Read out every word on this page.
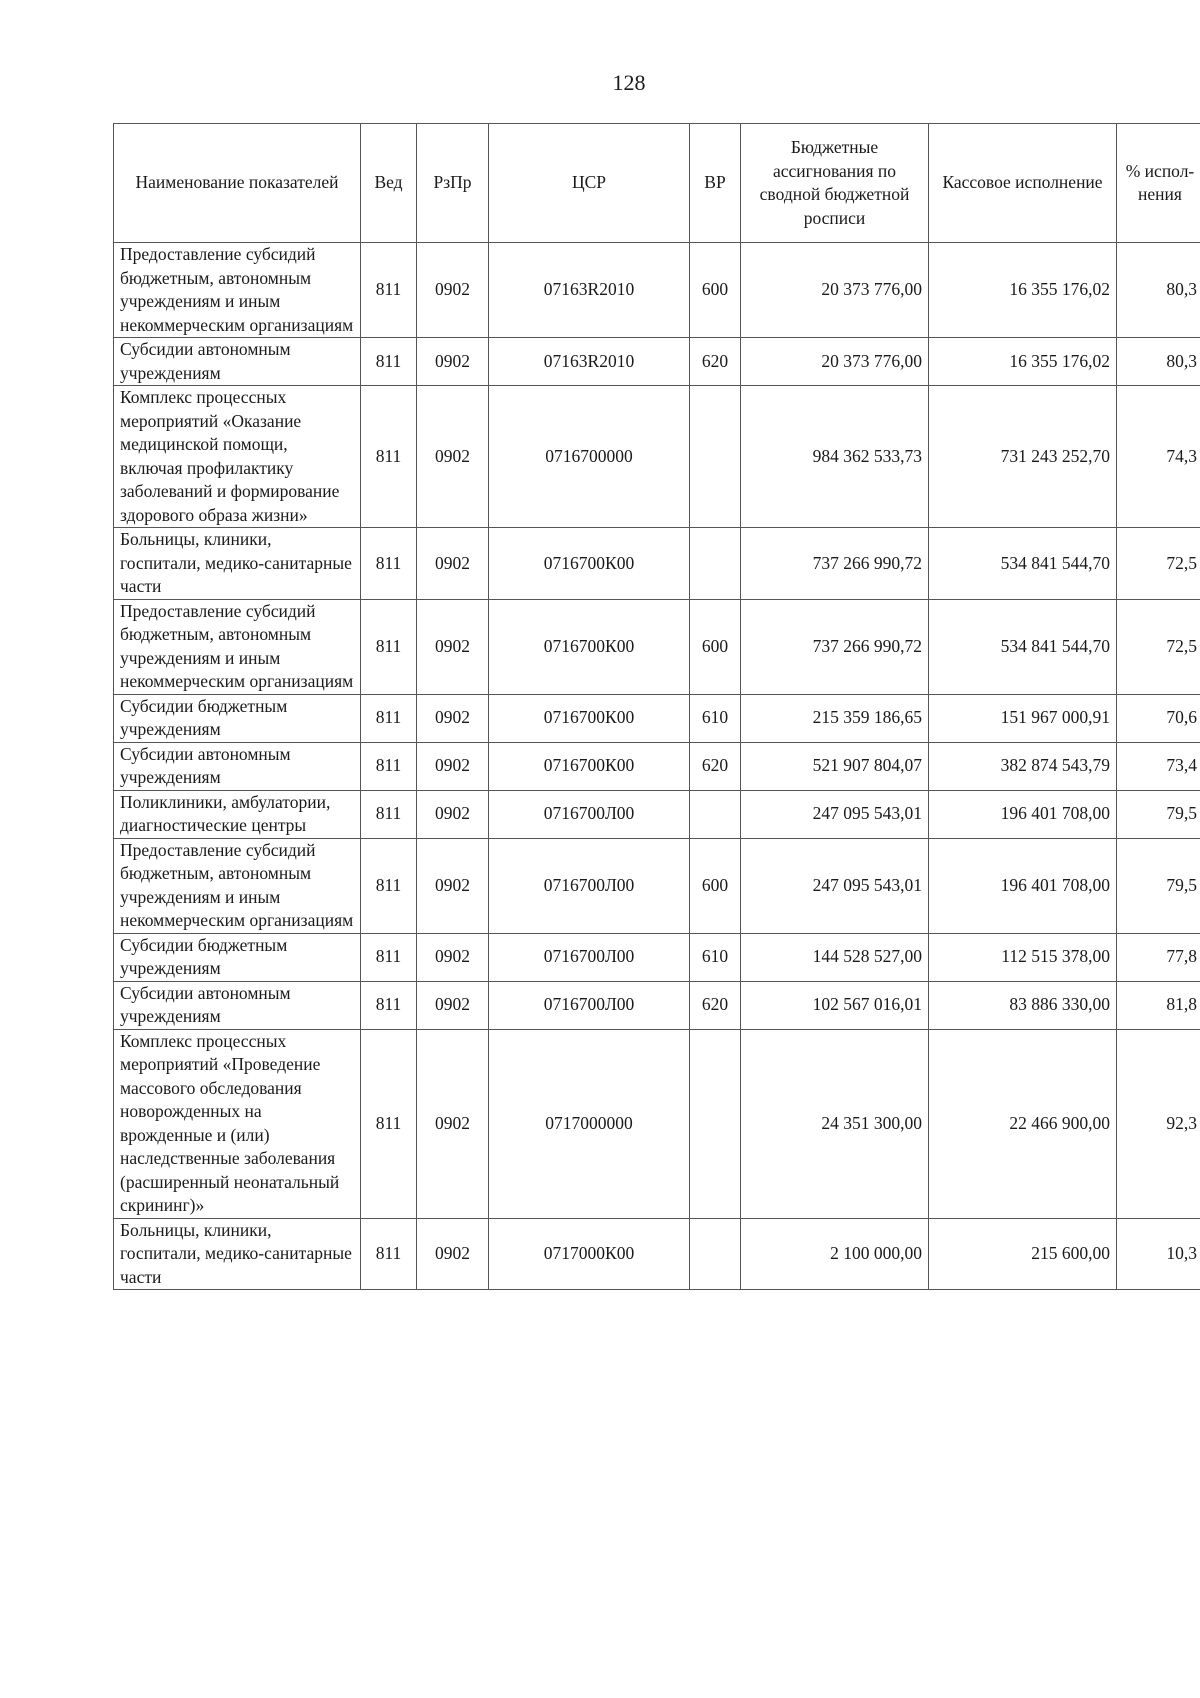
128
Наименование показателей	Вед	РзПр	ЦСР	ВР	Бюджетные ассигнования по сводной бюджетной росписи	Кассовое исполнение	% испол-нения
Предоставление субсидий бюджетным, автономным учреждениям и иным некоммерческим организациям	811	0902	07163R2010	600	20 373 776,00	16 355 176,02	80,3
Субсидии автономным учреждениям	811	0902	07163R2010	620	20 373 776,00	16 355 176,02	80,3
Комплекс процессных мероприятий «Оказание медицинской помощи, включая профилактику заболеваний и формирование здорового образа жизни»	811	0902	0716700000		984 362 533,73	731 243 252,70	74,3
Больницы, клиники, госпитали, медико-санитарные части	811	0902	0716700К00		737 266 990,72	534 841 544,70	72,5
Предоставление субсидий бюджетным, автономным учреждениям и иным некоммерческим организациям	811	0902	0716700К00	600	737 266 990,72	534 841 544,70	72,5
Субсидии бюджетным учреждениям	811	0902	0716700К00	610	215 359 186,65	151 967 000,91	70,6
Субсидии автономным учреждениям	811	0902	0716700К00	620	521 907 804,07	382 874 543,79	73,4
Поликлиники, амбулатории, диагностические центры	811	0902	0716700Л00		247 095 543,01	196 401 708,00	79,5
Предоставление субсидий бюджетным, автономным учреждениям и иным некоммерческим организациям	811	0902	0716700Л00	600	247 095 543,01	196 401 708,00	79,5
Субсидии бюджетным учреждениям	811	0902	0716700Л00	610	144 528 527,00	112 515 378,00	77,8
Субсидии автономным учреждениям	811	0902	0716700Л00	620	102 567 016,01	83 886 330,00	81,8
Комплекс процессных мероприятий «Проведение массового обследования новорожденных на врожденные и (или) наследственные заболевания (расширенный неонатальный скрининг)»	811	0902	0717000000		24 351 300,00	22 466 900,00	92,3
Больницы, клиники, госпитали, медико-санитарные части	811	0902	0717000К00		2 100 000,00	215 600,00	10,3
